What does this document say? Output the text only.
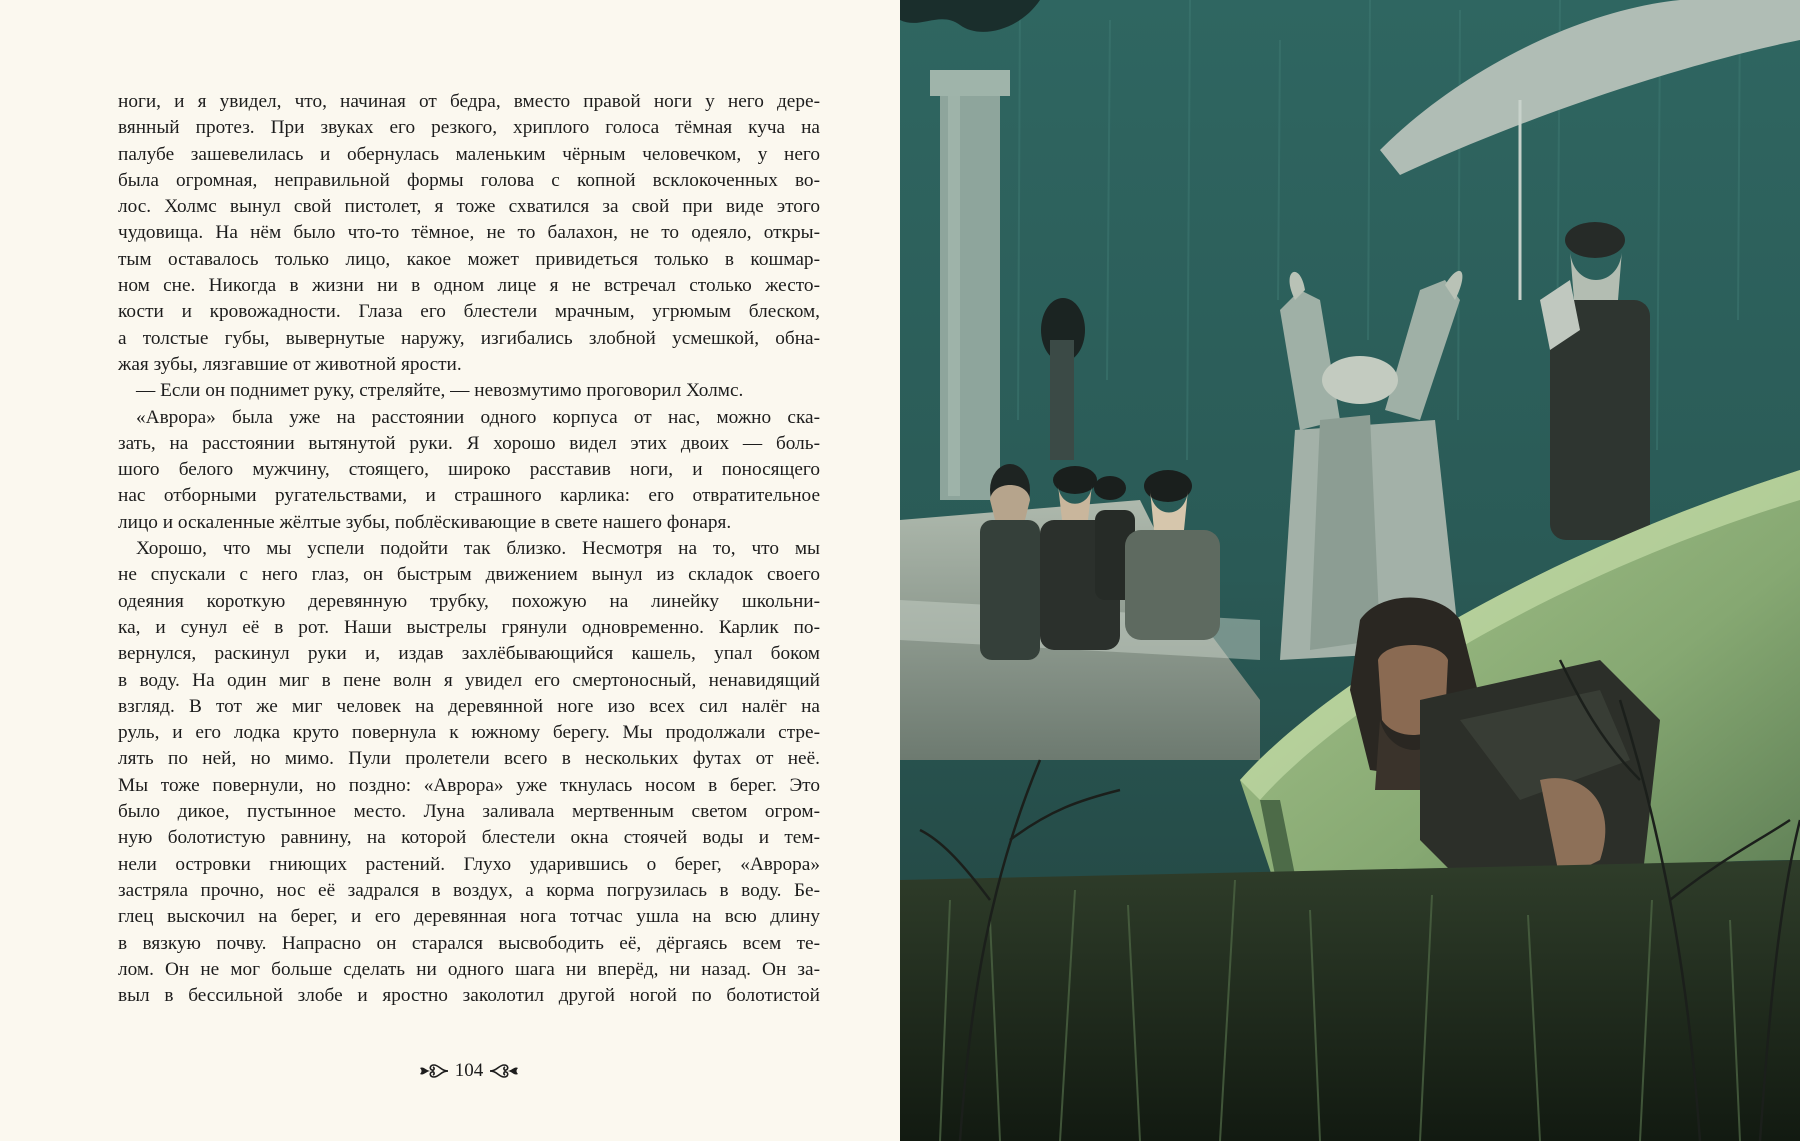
ноги, и я увидел, что, начиная от бедра, вместо правой ноги у него дере-
вянный протез. При звуках его резкого, хриплого голоса тёмная куча на
палубе зашевелилась и обернулась маленьким чёрным человечком, у него
была огромная, неправильной формы голова с копной всклокоченных во-
лос. Холмс вынул свой пистолет, я тоже схватился за свой при виде этого
чудовища. На нём было что-то тёмное, не то балахон, не то одеяло, откры-
тым оставалось только лицо, какое может привидеться только в кошмар-
ном сне. Никогда в жизни ни в одном лице я не встречал столько жесто-
кости и кровожадности. Глаза его блестели мрачным, угрюмым блеском,
а толстые губы, вывернутые наружу, изгибались злобной усмешкой, обна-
жая зубы, лязгавшие от животной ярости.
— Если он поднимет руку, стреляйте, — невозмутимо проговорил Холмс.
«Аврора» была уже на расстоянии одного корпуса от нас, можно ска-
зать, на расстоянии вытянутой руки. Я хорошо видел этих двоих — боль-
шого белого мужчину, стоящего, широко расставив ноги, и поносящего
нас отборными ругательствами, и страшного карлика: его отвратительное
лицо и оскаленные жёлтые зубы, поблёскивающие в свете нашего фонаря.
Хорошо, что мы успели подойти так близко. Несмотря на то, что мы
не спускали с него глаз, он быстрым движением вынул из складок своего
одеяния короткую деревянную трубку, похожую на линейку школьни-
ка, и сунул её в рот. Наши выстрелы грянули одновременно. Карлик по-
вернулся, раскинул руки и, издав захлёбывающийся кашель, упал боком
в воду. На один миг в пене волн я увидел его смертоносный, ненавидящий
взгляд. В тот же миг человек на деревянной ноге изо всех сил налёг на
руль, и его лодка круто повернула к южному берегу. Мы продолжали стре-
лять по ней, но мимо. Пули пролетели всего в нескольких футах от неё.
Мы тоже повернули, но поздно: «Аврора» уже ткнулась носом в берег. Это
было дикое, пустынное место. Луна заливала мертвенным светом огром-
ную болотистую равнину, на которой блестели окна стоячей воды и тем-
нели островки гниющих растений. Глухо ударившись о берег, «Аврора»
застряла прочно, нос её задрался в воздух, а корма погрузилась в воду. Бе-
глец выскочил на берег, и его деревянная нога тотчас ушла на всю длину
в вязкую почву. Напрасно он старался высвободить её, дёргаясь всем те-
лом. Он не мог больше сделать ни одного шага ни вперёд, ни назад. Он за-
выл в бессильной злобе и яростно заколотил другой ногой по болотистой
104
